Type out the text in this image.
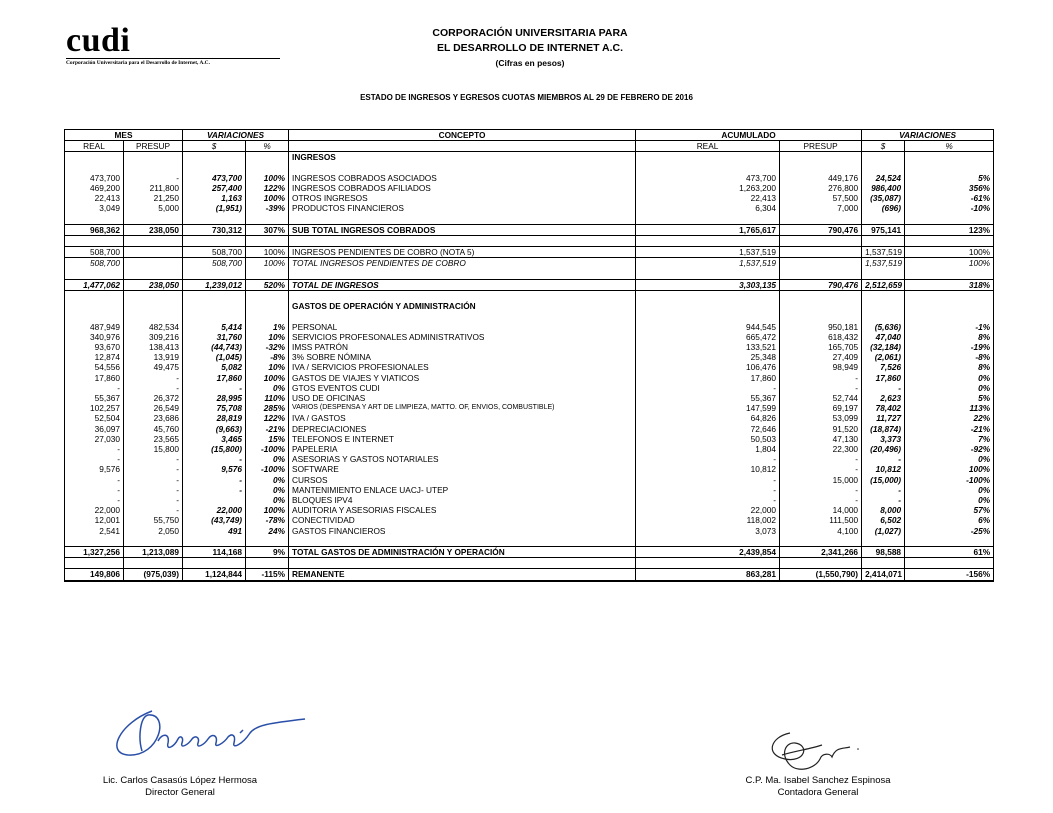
cudi
Corporación Universitaria para el Desarrollo de Internet, A.C.
CORPORACIÓN UNIVERSITARIA PARA
EL DESARROLLO DE INTERNET A.C.
(Cifras en pesos)
ESTADO DE INGRESOS Y EGRESOS CUOTAS MIEMBROS AL 29 DE FEBRERO DE 2016
MES		VARIACIONES		CONCEPTO	ACUMULADO			VARIACIONES	
REAL	PRESUP	$	%		REAL		PRESUP	$	%
				INGRESOS					

473,700	-	473,700	100%	INGRESOS COBRADOS ASOCIADOS		473,700	449,176	24,524	5%
469,200	211,800	257,400	122%	INGRESOS COBRADOS AFILIADOS		1,263,200	276,800	986,400	356%
22,413	21,250	1,163	100%	OTROS INGRESOS		22,413	57,500	(35,087)	-61%
3,049	5,000	(1,951)	-39%	PRODUCTOS FINANCIEROS		6,304	7,000	(696)	-10%

968,362	238,050	730,312	307%	SUB TOTAL INGRESOS COBRADOS		1,765,617	790,476	975,141	123%

508,700		508,700	100%	INGRESOS PENDIENTES DE COBRO (NOTA 5)		1,537,519		1,537,519	100%
508,700		508,700	100%	TOTAL INGRESOS PENDIENTES DE COBRO		1,537,519		1,537,519	100%

1,477,062	238,050	1,239,012	520%	TOTAL DE INGRESOS		3,303,135	790,476	2,512,659	318%

				GASTOS DE OPERACIÓN Y ADMINISTRACIÓN					

487,949	482,534	5,414	1%	PERSONAL		944,545	950,181	(5,636)	-1%
340,976	309,216	31,760	10%	SERVICIOS PROFESONALES ADMINISTRATIVOS		665,472	618,432	47,040	8%
93,670	138,413	(44,743)	-32%	IMSS PATRÓN		133,521	165,705	(32,184)	-19%
12,874	13,919	(1,045)	-8%	3% SOBRE NÓMINA		25,348	27,409	(2,061)	-8%
54,556	49,475	5,082	10%	IVA / SERVICIOS PROFESIONALES		106,476	98,949	7,526	8%
17,860	-	17,860	100%	GASTOS DE VIAJES Y VIATICOS		17,860	-	17,860	0%
-	-	-	0%	GTOS EVENTOS CUDI		-	-	-	0%
55,367	26,372	28,995	110%	USO DE OFICINAS		55,367	52,744	2,623	5%
102,257	26,549	75,708	285%	VARIOS (DESPENSA Y ART DE LIMPIEZA, MATTO. OF, ENVIOS, COMBUSTIBLE)		147,599	69,197	78,402	113%
52,504	23,686	28,819	122%	IVA / GASTOS		64,826	53,099	11,727	22%
36,097	45,760	(9,663)	-21%	DEPRECIACIONES		72,646	91,520	(18,874)	-21%
27,030	23,565	3,465	15%	TELEFONOS E INTERNET		50,503	47,130	3,373	7%
-	15,800	(15,800)	-100%	PAPELERIA		1,804	22,300	(20,496)	-92%
-	-	-	0%	ASESORIAS Y GASTOS NOTARIALES		-	-	-	0%
9,576	-	9,576	-100%	SOFTWARE		10,812	-	10,812	100%
-	-	-	0%	CURSOS		-	15,000	(15,000)	-100%
-	-	-	0%	MANTENIMIENTO ENLACE UACJ- UTEP		-	-	-	0%
-	-		0%	BLOQUES IPV4		-	-	-	0%
22,000	-	22,000	100%	AUDITORIA Y ASESORIAS FISCALES		22,000	14,000	8,000	57%
12,001	55,750	(43,749)	-78%	CONECTIVIDAD		118,002	111,500	6,502	6%
2,541	2,050	491	24%	GASTOS FINANCIEROS		3,073	4,100	(1,027)	-25%

1,327,256	1,213,089	114,168	9%	TOTAL GASTOS DE ADMINISTRACIÓN Y OPERACIÓN		2,439,854	2,341,266	98,588	61%

149,806	(975,039)	1,124,844	-115%	REMANENTE		863,281	(1,550,790)	2,414,071	-156%
Lic. Carlos Casasús López Hermosa
Director General
C.P. Ma. Isabel Sanchez Espinosa
Contadora General
